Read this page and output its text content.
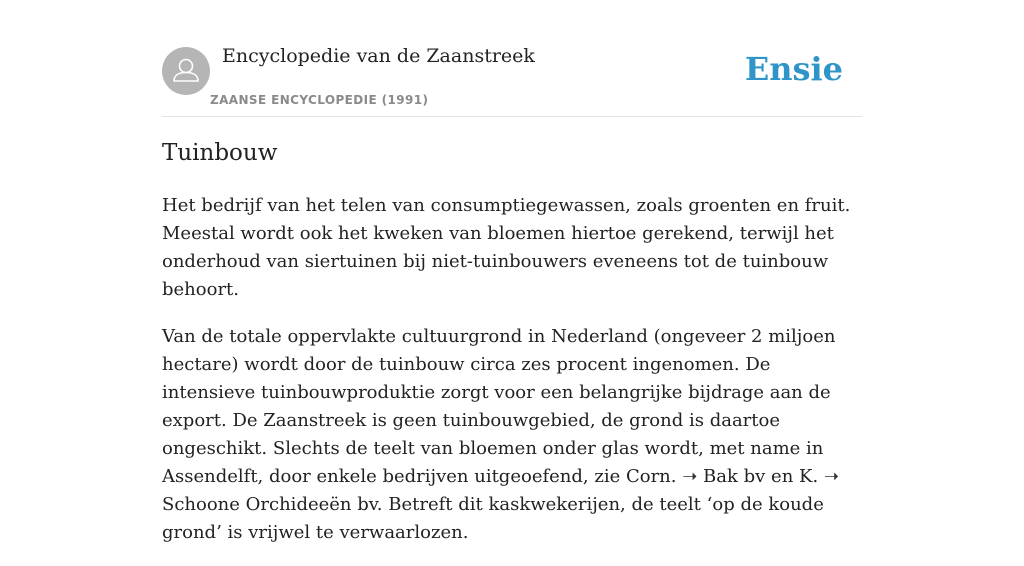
Encyclopedie van de Zaanstreek
ZAANSE ENCYCLOPEDIE (1991)
Ensie
Tuinbouw

Het bedrijf van het telen van consumptiegewassen, zoals groenten en fruit. Meestal wordt ook het kweken van bloemen hiertoe gerekend, terwijl het onderhoud van siertuinen bij niet-tuinbouwers eveneens tot de tuinbouw behoort.

Van de totale oppervlakte cultuurgrond in Nederland (ongeveer 2 miljoen hectare) wordt door de tuinbouw circa zes procent ingenomen. De intensieve tuinbouwproduktie zorgt voor een belangrijke bijdrage aan de export. De Zaanstreek is geen tuinbouwgebied, de grond is daartoe ongeschikt. Slechts de teelt van bloemen onder glas wordt, met name in Assendelft, door enkele bedrijven uitgeoefend, zie Corn. ➝ Bak bv en K. ➝ Schoone Orchideeën bv. Betreft dit kaskwekerijen, de teelt ‘op de koude grond’ is vrijwel te verwaarlozen.
